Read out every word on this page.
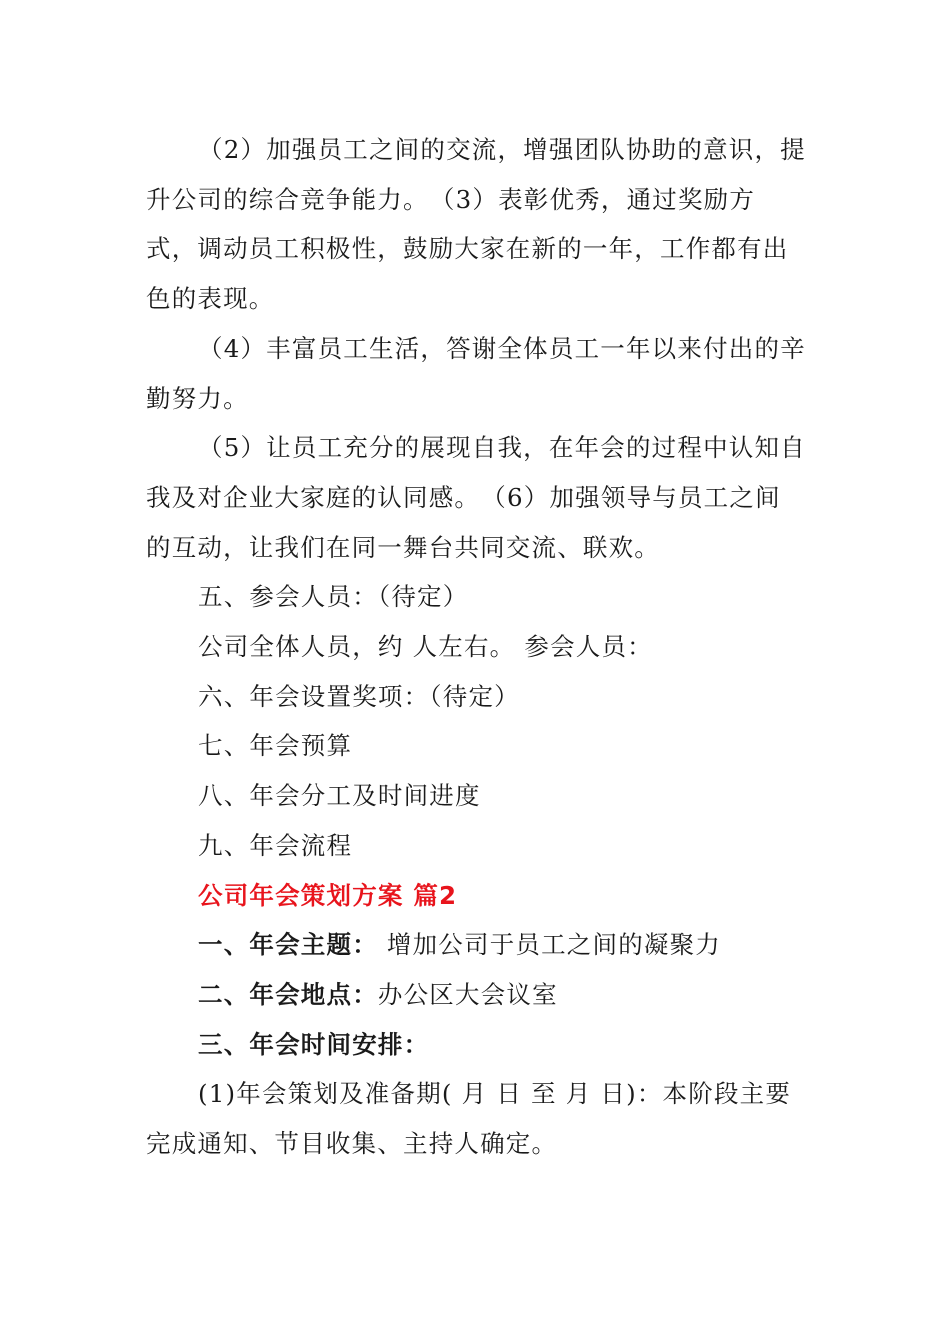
（2）加强员工之间的交流，增强团队协助的意识，提升公司的综合竞争能力。　（3）表彰优秀，通过奖励方式，调动员工积极性，鼓励大家在新的一年，工作都有出色的表现。

（4）丰富员工生活，答谢全体员工一年以来付出的辛勤努力。

（5）让员工充分的展现自我，在年会的过程中认知自我及对企业大家庭的认同感。　（6）加强领导与员工之间的互动，让我们在同一舞台共同交流、联欢。

五、参会人员：（待定）

公司全体人员，约 人左右。 参会人员：

六、年会设置奖项：（待定）

七、年会预算

八、年会分工及时间进度

九、年会流程

公司年会策划方案 篇2

一、年会主题： 增加公司于员工之间的凝聚力

二、年会地点：办公区大会议室

三、年会时间安排：

(1)年会策划及准备期( 月 日 至 月 日)：本阶段主要完成通知、节目收集、主持人确定。
